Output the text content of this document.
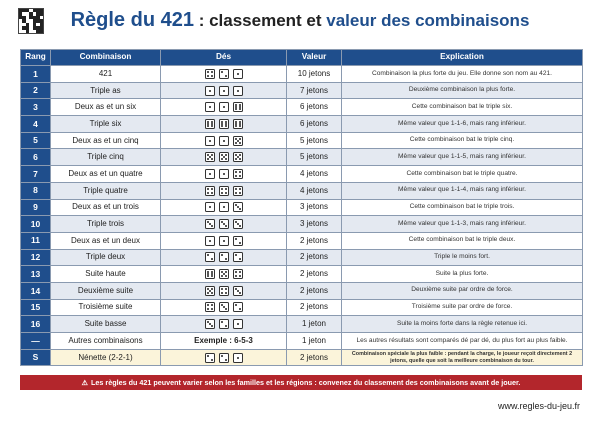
Règle du 421 : classement et valeur des combinaisons
Rang	Combinaison	Dés	Valeur	Explication
1	421		10 jetons	Combinaison la plus forte du jeu. Elle donne son nom au 421.
2	Triple as		7 jetons	Deuxième combinaison la plus forte.
3	Deux as et un six		6 jetons	Cette combinaison bat le triple six.
4	Triple six		6 jetons	Même valeur que 1-1-6, mais rang inférieur.
5	Deux as et un cinq		5 jetons	Cette combinaison bat le triple cinq.
6	Triple cinq		5 jetons	Même valeur que 1-1-5, mais rang inférieur.
7	Deux as et un quatre		4 jetons	Cette combinaison bat le triple quatre.
8	Triple quatre		4 jetons	Même valeur que 1-1-4, mais rang inférieur.
9	Deux as et un trois		3 jetons	Cette combinaison bat le triple trois.
10	Triple trois		3 jetons	Même valeur que 1-1-3, mais rang inférieur.
11	Deux as et un deux		2 jetons	Cette combinaison bat le triple deux.
12	Triple deux		2 jetons	Triple le moins fort.
13	Suite haute		2 jetons	Suite la plus forte.
14	Deuxième suite		2 jetons	Deuxième suite par ordre de force.
15	Troisième suite		2 jetons	Troisième suite par ordre de force.
16	Suite basse		1 jeton	Suite la moins forte dans la règle retenue ici.
—	Autres combinaisons	Exemple : 6-5-3	1 jeton	Les autres résultats sont comparés dé par dé, du plus fort au plus faible.
S	Nénette (2-2-1)		2 jetons	Combinaison spéciale la plus faible : pendant la charge, le joueur reçoit directement 2 jetons, quelle que soit la meilleure combinaison du tour.
⚠ Les règles du 421 peuvent varier selon les familles et les régions : convenez du classement des combinaisons avant de jouer.
www.regles-du-jeu.fr
